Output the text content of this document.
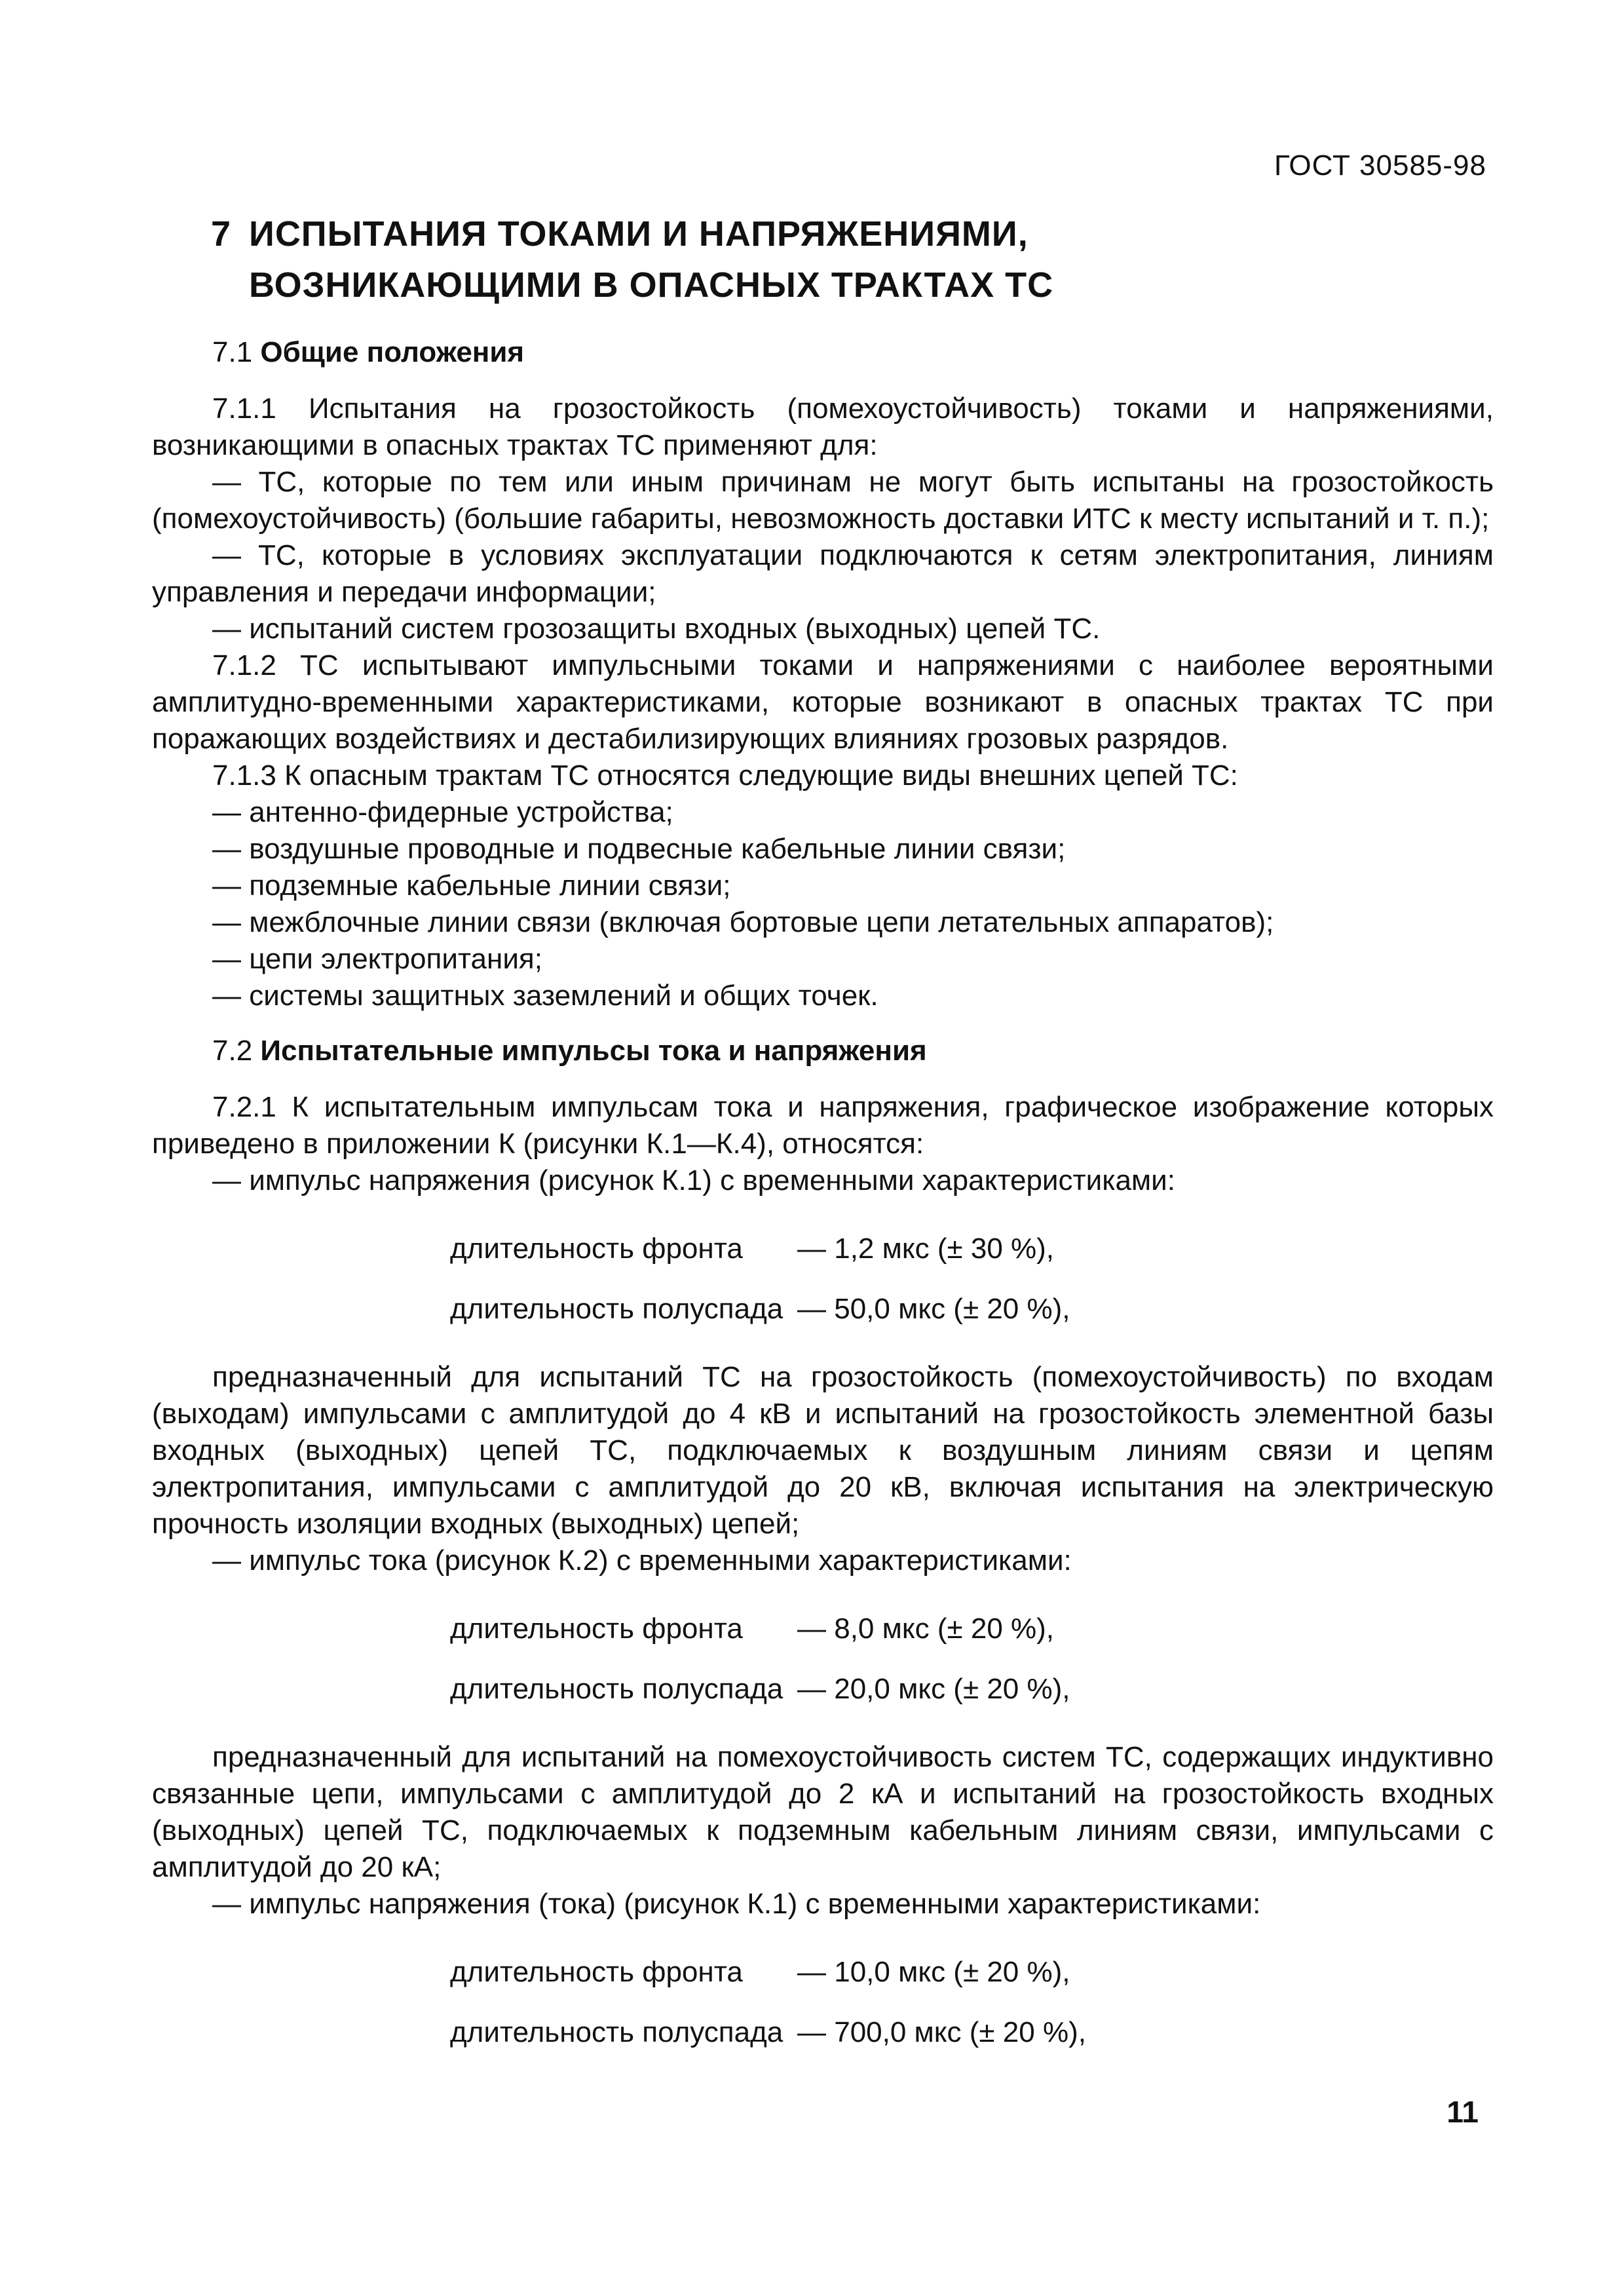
ГОСТ 30585-98
7 ИСПЫТАНИЯ ТОКАМИ И НАПРЯЖЕНИЯМИ,
ВОЗНИКАЮЩИМИ В ОПАСНЫХ ТРАКТАХ ТС
7.1 Общие положения
7.1.1 Испытания на грозостойкость (помехоустойчивость) токами и напряжениями, возникающими в опасных трактах ТС применяют для:
— ТС, которые по тем или иным причинам не могут быть испытаны на грозостойкость (помехоустойчивость) (большие габариты, невозможность доставки ИТС к месту испытаний и т. п.);
— ТС, которые в условиях эксплуатации подключаются к сетям электропитания, линиям управления и передачи информации;
— испытаний систем грозозащиты входных (выходных) цепей ТС.
7.1.2 ТС испытывают импульсными токами и напряжениями с наиболее вероятными амплитудно-временными характеристиками, которые возникают в опасных трактах ТС при поражающих воздействиях и дестабилизирующих влияниях грозовых разрядов.
7.1.3 К опасным трактам ТС относятся следующие виды внешних цепей ТС:
— антенно-фидерные устройства;
— воздушные проводные и подвесные кабельные линии связи;
— подземные кабельные линии связи;
— межблочные линии связи (включая бортовые цепи летательных аппаратов);
— цепи электропитания;
— системы защитных заземлений и общих точек.
7.2 Испытательные импульсы тока и напряжения
7.2.1 К испытательным импульсам тока и напряжения, графическое изображение которых приведено в приложении К (рисунки К.1—К.4), относятся:
— импульс напряжения (рисунок К.1) с временными характеристиками:
длительность фронта	— 1,2 мкс (± 30 %),
длительность полуспада — 50,0 мкс (± 20 %),
предназначенный для испытаний ТС на грозостойкость (помехоустойчивость) по входам (выходам) импульсами с амплитудой до 4 кВ и испытаний на грозостойкость элементной базы входных (выходных) цепей ТС, подключаемых к воздушным линиям связи и цепям электропитания, импульсами с амплитудой до 20 кВ, включая испытания на электрическую прочность изоляции входных (выходных) цепей;
— импульс тока (рисунок К.2) с временными характеристиками:
длительность фронта	— 8,0 мкс (± 20 %),
длительность полуспада — 20,0 мкс (± 20 %),
предназначенный для испытаний на помехоустойчивость систем ТС, содержащих индуктивно связанные цепи, импульсами с амплитудой до 2 кА и испытаний на грозостойкость входных (выходных) цепей ТС, подключаемых к подземным кабельным линиям связи, импульсами с амплитудой до 20 кА;
— импульс напряжения (тока) (рисунок К.1) с временными характеристиками:
длительность фронта	— 10,0 мкс (± 20 %),
длительность полуспада — 700,0 мкс (± 20 %),
11
